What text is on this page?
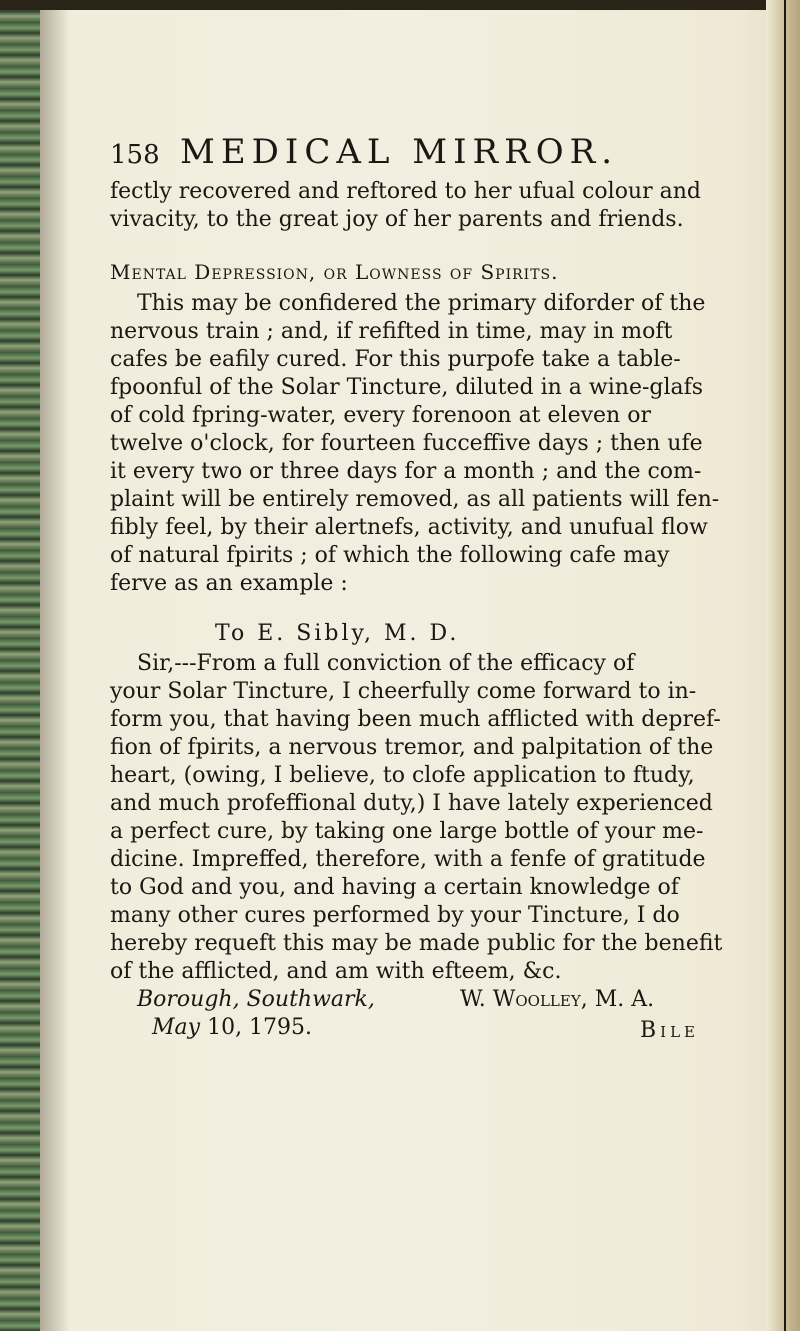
158 MEDICAL MIRROR.
fectly recovered and reftored to her ufual colour and
vivacity, to the great joy of her parents and friends.
Mental Depression, or Lowness of Spirits.
This may be confidered the primary diforder of the
nervous train ; and, if refifted in time, may in moft
cafes be eafily cured. For this purpofe take a table-
fpoonful of the Solar Tincture, diluted in a wine-glafs
of cold fpring-water, every forenoon at eleven or
twelve o'clock, for fourteen fucceffive days ; then ufe
it every two or three days for a month ; and the com-
plaint will be entirely removed, as all patients will fen-
fibly feel, by their alertnefs, activity, and unufual flow
of natural fpirits ; of which the following cafe may
ferve as an example :
To E. Sibly, M. D.
Sir,---From a full conviction of the efficacy of
your Solar Tincture, I cheerfully come forward to in-
form you, that having been much afflicted with depref-
fion of fpirits, a nervous tremor, and palpitation of the
heart, (owing, I believe, to clofe application to ftudy,
and much profeffional duty,) I have lately experienced
a perfect cure, by taking one large bottle of your me-
dicine. Impreffed, therefore, with a fenfe of gratitude
to God and you, and having a certain knowledge of
many other cures performed by your Tincture, I do
hereby requeft this may be made public for the benefit
of the afflicted, and am with efteem, &c.
Borough, Southwark,	W. Woolley, M. A.
May 10, 1795.	Bile
